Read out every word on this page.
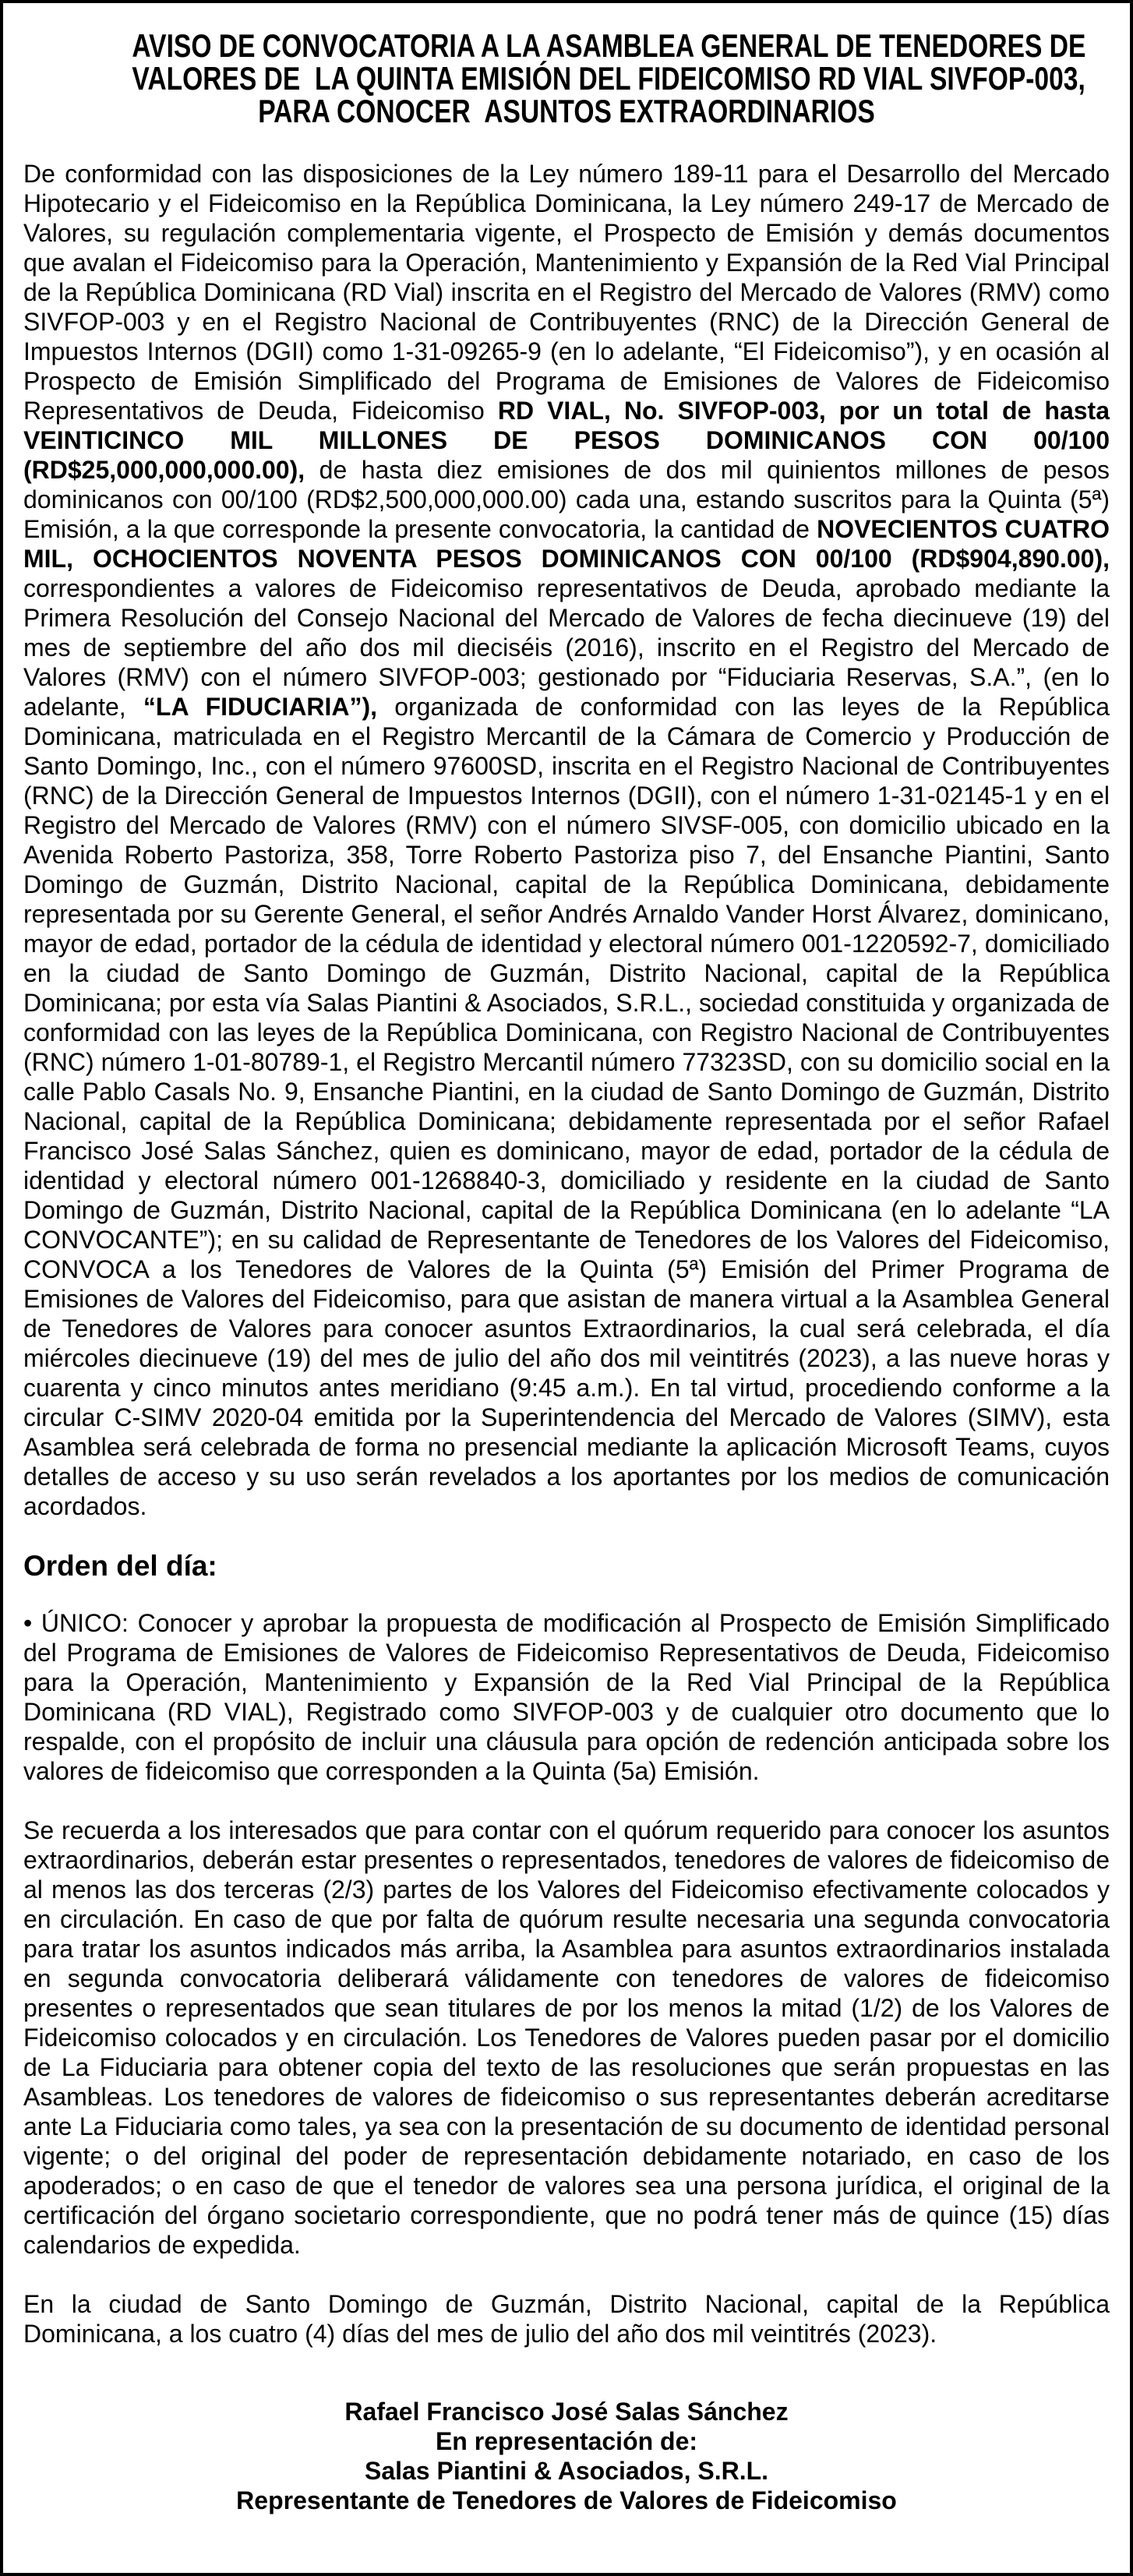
AVISO DE CONVOCATORIA A LA ASAMBLEA GENERAL DE TENEDORES DE
VALORES DE  LA QUINTA EMISIÓN DEL FIDEICOMISO RD VIAL SIVFOP-003,
PARA CONOCER  ASUNTOS EXTRAORDINARIOS

De conformidad con las disposiciones de la Ley número 189-11 para el Desarrollo del Mercado Hipotecario y el Fideicomiso en la República Dominicana, la Ley número 249-17 de Mercado de Valores, su regulación complementaria vigente, el Prospecto de Emisión y demás documentos que avalan el Fideicomiso para la Operación, Mantenimiento y Expansión de la Red Vial Principal de la República Dominicana (RD Vial) inscrita en el Registro del Mercado de Valores (RMV) como SIVFOP-003 y en el Registro Nacional de Contribuyentes (RNC) de la Dirección General de Impuestos Internos (DGII) como 1-31-09265-9 (en lo adelante, “El Fideicomiso”), y en ocasión al Prospecto de Emisión Simplificado del Programa de Emisiones de Valores de Fideicomiso Representativos de Deuda, Fideicomiso RD VIAL, No. SIVFOP-003, por un total de hasta VEINTICINCO MIL MILLONES DE PESOS DOMINICANOS CON 00/100 (RD$25,000,000,000.00), de hasta diez emisiones de dos mil quinientos millones de pesos dominicanos con 00/100 (RD$2,500,000,000.00) cada una, estando suscritos para la Quinta (5ª) Emisión, a la que corresponde la presente convocatoria, la cantidad de NOVECIENTOS CUATRO MIL, OCHOCIENTOS NOVENTA PESOS DOMINICANOS CON 00/100 (RD$904,890.00), correspondientes a valores de Fideicomiso representativos de Deuda, aprobado mediante la Primera Resolución del Consejo Nacional del Mercado de Valores de fecha diecinueve (19) del mes de septiembre del año dos mil dieciséis (2016), inscrito en el Registro del Mercado de Valores (RMV) con el número SIVFOP-003; gestionado por “Fiduciaria Reservas, S.A.”, (en lo adelante, “LA FIDUCIARIA”), organizada de conformidad con las leyes de la República Dominicana, matriculada en el Registro Mercantil de la Cámara de Comercio y Producción de Santo Domingo, Inc., con el número 97600SD, inscrita en el Registro Nacional de Contribuyentes (RNC) de la Dirección General de Impuestos Internos (DGII), con el número 1-31-02145-1 y en el Registro del Mercado de Valores (RMV) con el número SIVSF-005, con domicilio ubicado en la Avenida Roberto Pastoriza, 358, Torre Roberto Pastoriza piso 7, del Ensanche Piantini, Santo Domingo de Guzmán, Distrito Nacional, capital de la República Dominicana, debidamente representada por su Gerente General, el señor Andrés Arnaldo Vander Horst Álvarez, dominicano, mayor de edad, portador de la cédula de identidad y electoral número 001-1220592-7, domiciliado en la ciudad de Santo Domingo de Guzmán, Distrito Nacional, capital de la República Dominicana; por esta vía Salas Piantini & Asociados, S.R.L., sociedad constituida y organizada de conformidad con las leyes de la República Dominicana, con Registro Nacional de Contribuyentes (RNC) número 1-01-80789-1, el Registro Mercantil número 77323SD, con su domicilio social en la calle Pablo Casals No. 9, Ensanche Piantini, en la ciudad de Santo Domingo de Guzmán, Distrito Nacional, capital de la República Dominicana; debidamente representada por el señor Rafael Francisco José Salas Sánchez, quien es dominicano, mayor de edad, portador de la cédula de identidad y electoral número 001-1268840-3, domiciliado y residente en la ciudad de Santo Domingo de Guzmán, Distrito Nacional, capital de la República Dominicana (en lo adelante “LA CONVOCANTE”); en su calidad de Representante de Tenedores de los Valores del Fideicomiso, CONVOCA a los Tenedores de Valores de la Quinta (5ª) Emisión del Primer Programa de Emisiones de Valores del Fideicomiso, para que asistan de manera virtual a la Asamblea General de Tenedores de Valores para conocer asuntos Extraordinarios, la cual será celebrada, el día miércoles diecinueve (19) del mes de julio del año dos mil veintitrés (2023), a las nueve horas y cuarenta y cinco minutos antes meridiano (9:45 a.m.). En tal virtud, procediendo conforme a la circular C-SIMV 2020-04 emitida por la Superintendencia del Mercado de Valores (SIMV), esta Asamblea será celebrada de forma no presencial mediante la aplicación Microsoft Teams, cuyos detalles de acceso y su uso serán revelados a los aportantes por los medios de comunicación acordados.

Orden del día:

• ÚNICO: Conocer y aprobar la propuesta de modificación al Prospecto de Emisión Simplificado del Programa de Emisiones de Valores de Fideicomiso Representativos de Deuda, Fideicomiso para la Operación, Mantenimiento y Expansión de la Red Vial Principal de la República Dominicana (RD VIAL), Registrado como SIVFOP-003 y de cualquier otro documento que lo respalde, con el propósito de incluir una cláusula para opción de redención anticipada sobre los valores de fideicomiso que corresponden a la Quinta (5a) Emisión.

Se recuerda a los interesados que para contar con el quórum requerido para conocer los asuntos extraordinarios, deberán estar presentes o representados, tenedores de valores de fideicomiso de al menos las dos terceras (2/3) partes de los Valores del Fideicomiso efectivamente colocados y en circulación. En caso de que por falta de quórum resulte necesaria una segunda convocatoria para tratar los asuntos indicados más arriba, la Asamblea para asuntos extraordinarios instalada en segunda convocatoria deliberará válidamente con tenedores de valores de fideicomiso presentes o representados que sean titulares de por los menos la mitad (1/2) de los Valores de Fideicomiso colocados y en circulación. Los Tenedores de Valores pueden pasar por el domicilio de La Fiduciaria para obtener copia del texto de las resoluciones que serán propuestas en las Asambleas. Los tenedores de valores de fideicomiso o sus representantes deberán acreditarse ante La Fiduciaria como tales, ya sea con la presentación de su documento de identidad personal vigente; o del original del poder de representación debidamente notariado, en caso de los apoderados; o en caso de que el tenedor de valores sea una persona jurídica, el original de la certificación del órgano societario correspondiente, que no podrá tener más de quince (15) días calendarios de expedida.

En la ciudad de Santo Domingo de Guzmán, Distrito Nacional, capital de la República Dominicana, a los cuatro (4) días del mes de julio del año dos mil veintitrés (2023).

Rafael Francisco José Salas Sánchez
En representación de:
Salas Piantini & Asociados, S.R.L.
Representante de Tenedores de Valores de Fideicomiso
